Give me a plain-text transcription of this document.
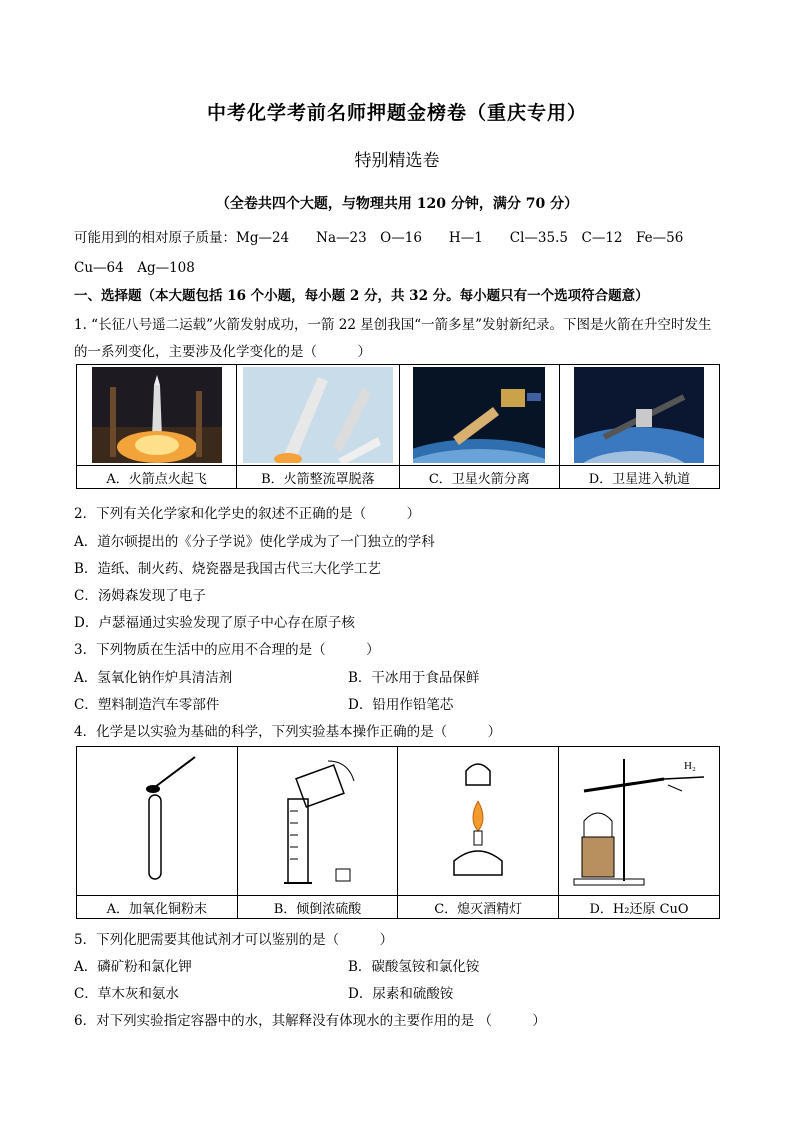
中考化学考前名师押题金榜卷（重庆专用）
特别精选卷
（全卷共四个大题，与物理共用 120 分钟，满分 70 分）
可能用到的相对原子质量：Mg—24　　Na—23　O—16　　H—1　　Cl—35.5　C—12　Fe—56
Cu—64　Ag—108
一、选择题（本大题包括 16 个小题，每小题 2 分，共 32 分。每小题只有一个选项符合题意）
1. “长征八号遥二运载”火箭发射成功，一箭 22 星创我国“一箭多星”发射新纪录。下图是火箭在升空时发生
的一系列变化，主要涉及化学变化的是（　　　）

A．火箭点火起飞	B．火箭整流罩脱落	C．卫星火箭分离	D．卫星进入轨道
2．下列有关化学家和化学史的叙述不正确的是（　　　）
A．道尔顿提出的《分子学说》使化学成为了一门独立的学科
B．造纸、制火药、烧瓷器是我国古代三大化学工艺
C．汤姆森发现了电子
D．卢瑟福通过实验发现了原子中心存在原子核
3．下列物质在生活中的应用不合理的是（　　　）
A．氢氧化钠作炉具清洁剂	B．干冰用于食品保鲜
C．塑料制造汽车零部件	D．铅用作铅笔芯
4．化学是以实验为基础的科学，下列实验基本操作正确的是（　　　）

H₂

A．加氧化铜粉末	B．倾倒浓硫酸	C．熄灭酒精灯	D．H₂还原 CuO
5．下列化肥需要其他试剂才可以鉴别的是（　　　）
A．磷矿粉和氯化钾	B．碳酸氢铵和氯化铵
C．草木灰和氨水	D．尿素和硫酸铵
6．对下列实验指定容器中的水，其解释没有体现水的主要作用的是 （　　　）
